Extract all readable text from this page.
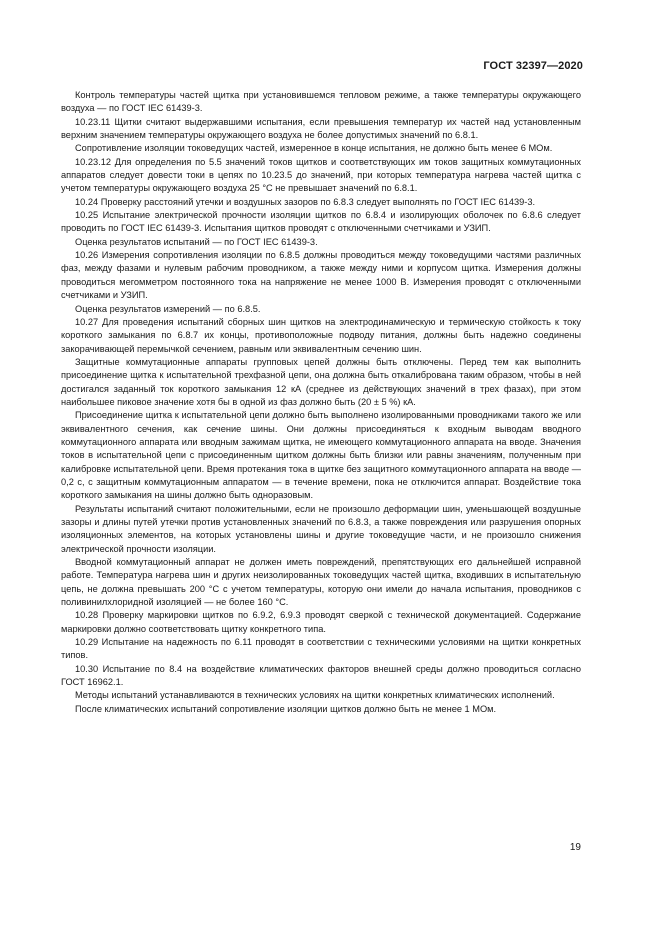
ГОСТ 32397—2020

Контроль температуры частей щитка при установившемся тепловом режиме, а также температуры окружающего воздуха — по ГОСТ IEC 61439-3.

10.23.11 Щитки считают выдержавшими испытания, если превышения температур их частей над установленным верхним значением температуры окружающего воздуха не более допустимых значений по 6.8.1.

Сопротивление изоляции токоведущих частей, измеренное в конце испытания, не должно быть менее 6 МОм.

10.23.12 Для определения по 5.5 значений токов щитков и соответствующих им токов защитных коммутационных аппаратов следует довести токи в цепях по 10.23.5 до значений, при которых температура нагрева частей щитка с учетом температуры окружающего воздуха 25 °С не превышает значений по 6.8.1.

10.24 Проверку расстояний утечки и воздушных зазоров по 6.8.3 следует выполнять по ГОСТ IEC 61439-3.

10.25 Испытание электрической прочности изоляции щитков по 6.8.4 и изолирующих оболочек по 6.8.6 следует проводить по ГОСТ IEC 61439-3. Испытания щитков проводят с отключенными счетчиками и УЗИП.

Оценка результатов испытаний — по ГОСТ IEC 61439-3.

10.26 Измерения сопротивления изоляции по 6.8.5 должны проводиться между токоведущими частями различных фаз, между фазами и нулевым рабочим проводником, а также между ними и корпусом щитка. Измерения должны проводиться мегомметром постоянного тока на напряжение не менее 1000 В. Измерения проводят с отключенными счетчиками и УЗИП.

Оценка результатов измерений — по 6.8.5.

10.27 Для проведения испытаний сборных шин щитков на электродинамическую и термическую стойкость к току короткого замыкания по 6.8.7 их концы, противоположные подводу питания, должны быть надежно соединены закорачивающей перемычкой сечением, равным или эквивалентным сечению шин.

Защитные коммутационные аппараты групповых цепей должны быть отключены. Перед тем как выполнить присоединение щитка к испытательной трехфазной цепи, она должна быть откалибрована таким образом, чтобы в ней достигался заданный ток короткого замыкания 12 кА (среднее из действующих значений в трех фазах), при этом наибольшее пиковое значение хотя бы в одной из фаз должно быть (20 ± 5 %) кА.

Присоединение щитка к испытательной цепи должно быть выполнено изолированными проводниками такого же или эквивалентного сечения, как сечение шины. Они должны присоединяться к входным выводам вводного коммутационного аппарата или вводным зажимам щитка, не имеющего коммутационного аппарата на вводе. Значения токов в испытательной цепи с присоединенным щитком должны быть близки или равны значениям, полученным при калибровке испытательной цепи. Время протекания тока в щитке без защитного коммутационного аппарата на вводе — 0,2 с, с защитным коммутационным аппаратом — в течение времени, пока не отключится аппарат. Воздействие тока короткого замыкания на шины должно быть одноразовым.

Результаты испытаний считают положительными, если не произошло деформации шин, уменьшающей воздушные зазоры и длины путей утечки против установленных значений по 6.8.3, а также повреждения или разрушения опорных изоляционных элементов, на которых установлены шины и другие токоведущие части, и не произошло снижения электрической прочности изоляции.

Вводной коммутационный аппарат не должен иметь повреждений, препятствующих его дальнейшей исправной работе. Температура нагрева шин и других неизолированных токоведущих частей щитка, входивших в испытательную цепь, не должна превышать 200 °С с учетом температуры, которую они имели до начала испытания, проводников с поливинилхлоридной изоляцией — не более 160 °С.

10.28 Проверку маркировки щитков по 6.9.2, 6.9.3 проводят сверкой с технической документацией. Содержание маркировки должно соответствовать щитку конкретного типа.

10.29 Испытание на надежность по 6.11 проводят в соответствии с техническими условиями на щитки конкретных типов.

10.30 Испытание по 8.4 на воздействие климатических факторов внешней среды должно проводиться согласно ГОСТ 16962.1.

Методы испытаний устанавливаются в технических условиях на щитки конкретных климатических исполнений.

После климатических испытаний сопротивление изоляции щитков должно быть не менее 1 МОм.

19
